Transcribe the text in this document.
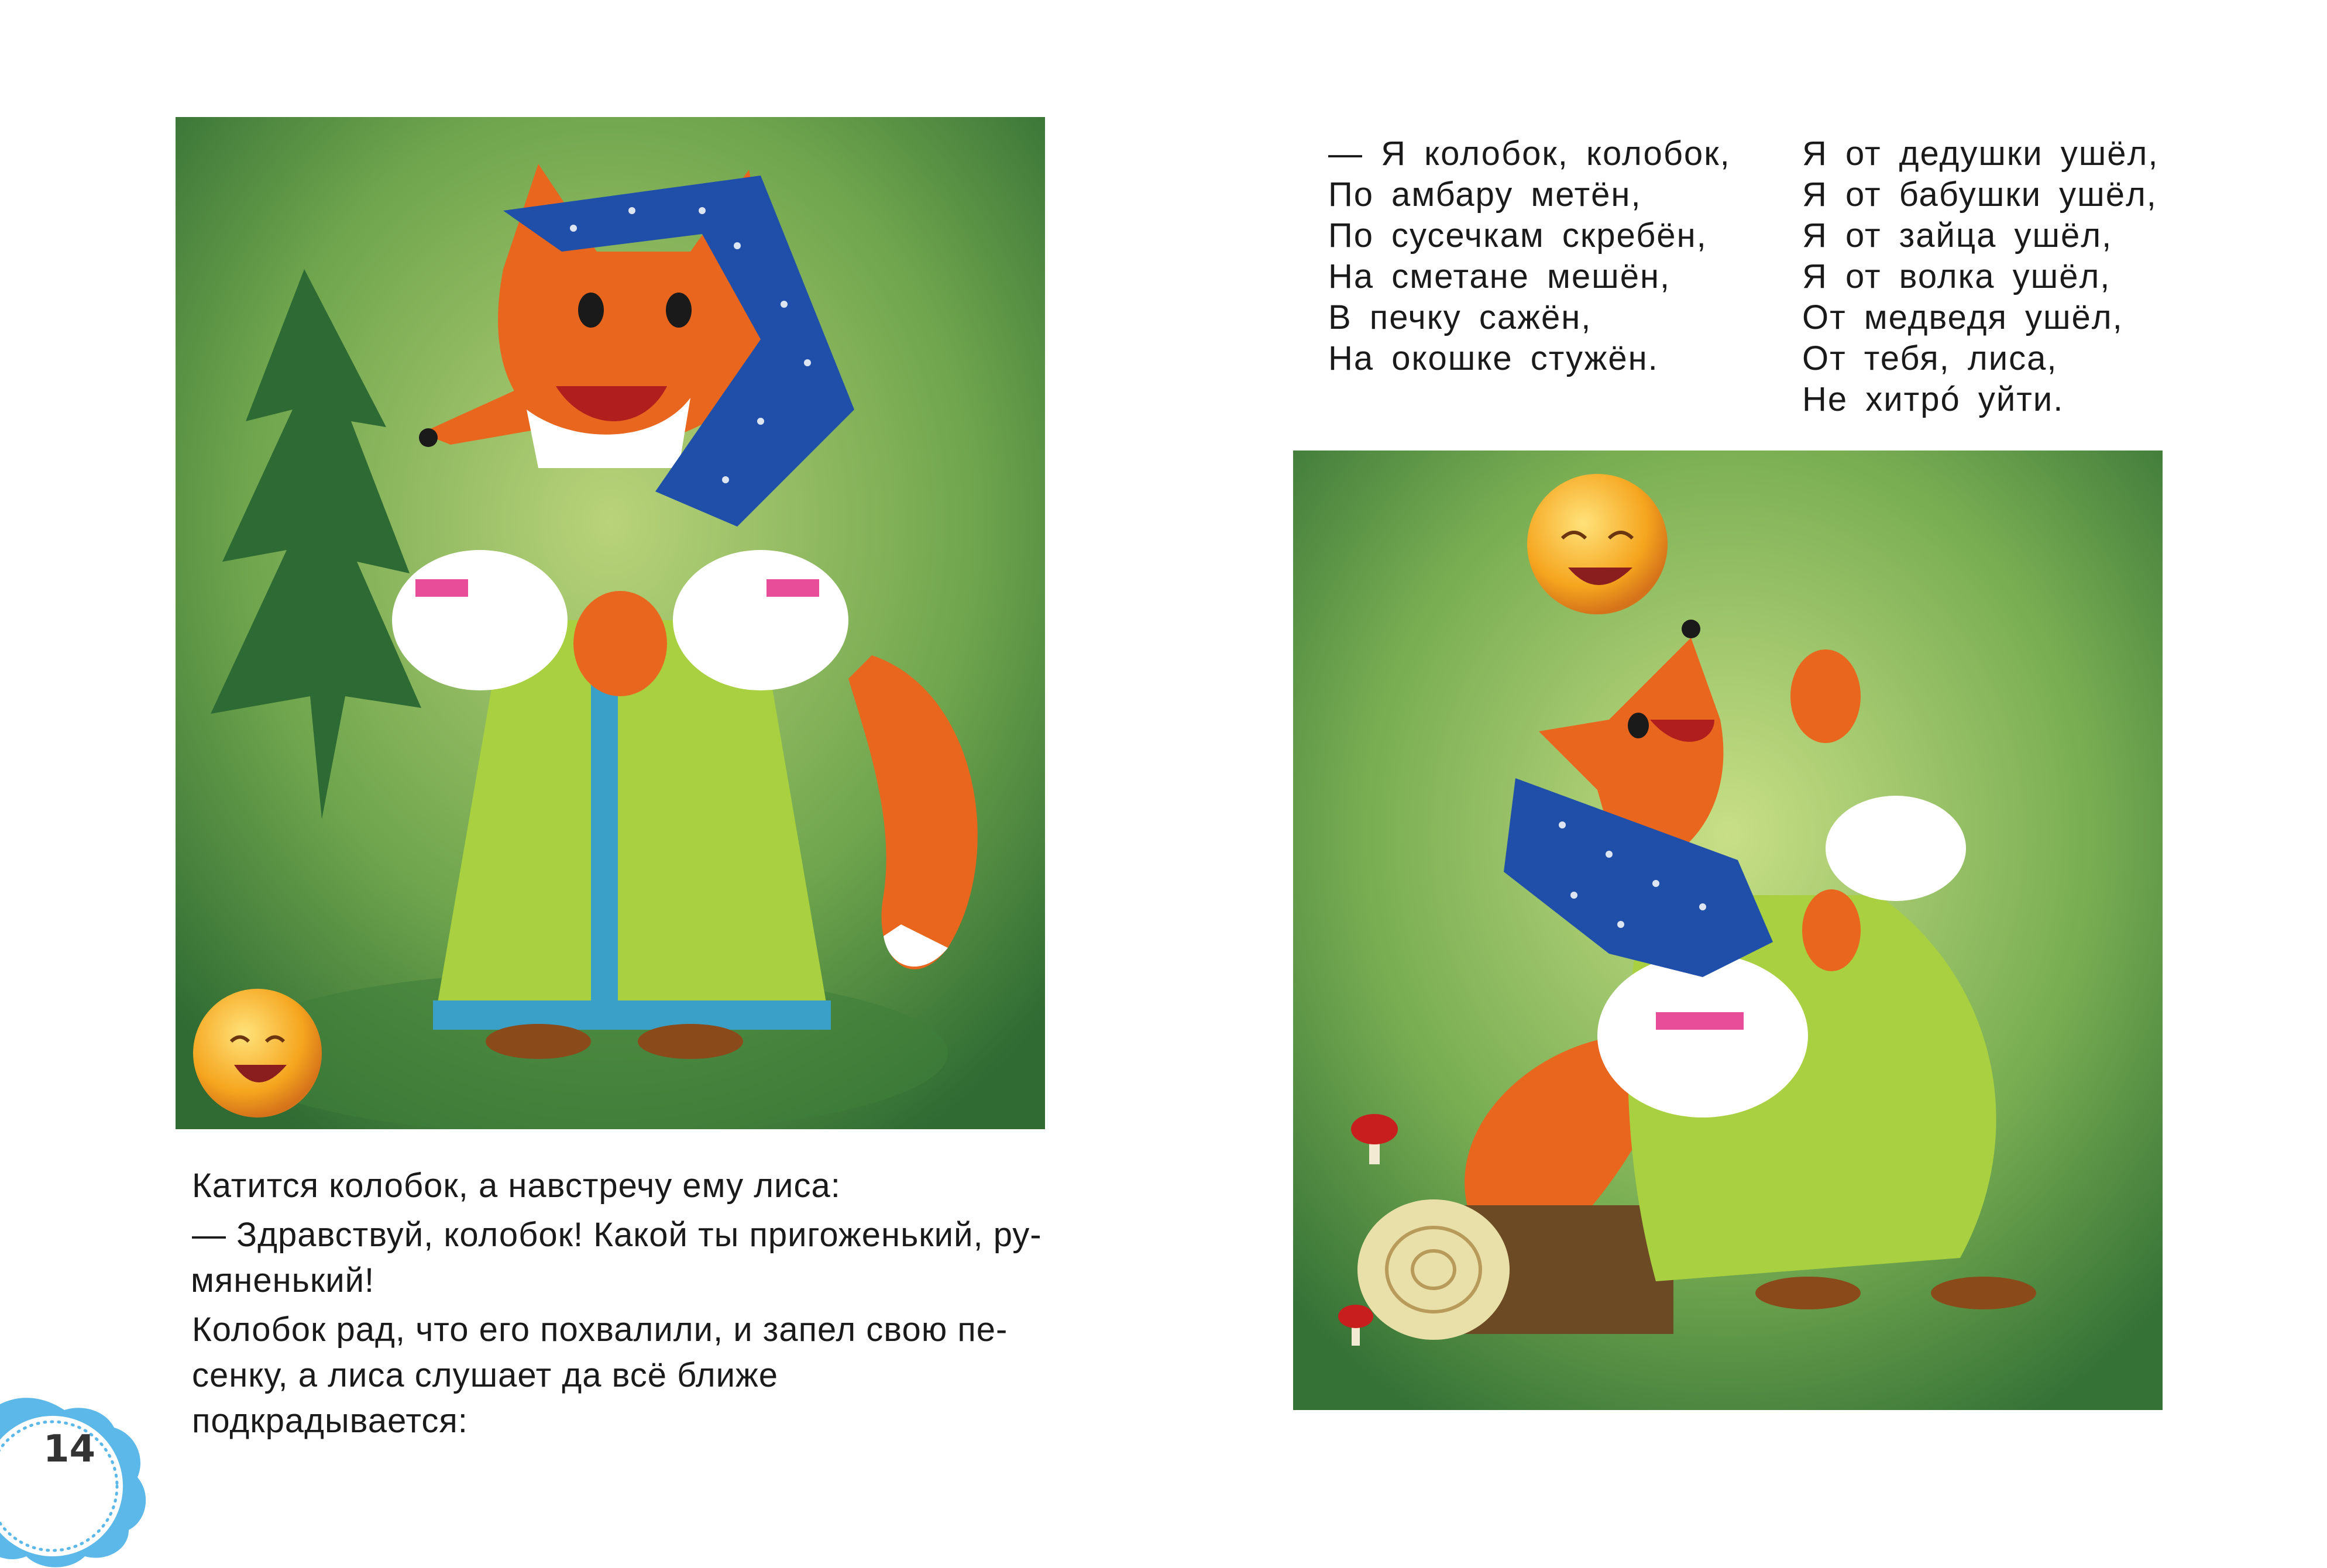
— Я колобок, колобок,
По амбару метён,
По сусечкам скребён,
На сметане мешён,
В печку сажён,
На окошке стужён.
Я от дедушки ушёл,
Я от бабушки ушёл,
Я от зайца ушёл,
Я от волка ушёл,
От медведя ушёл,
От тебя, лиса,
Не хитрó уйти.

Катится колобок, а навстречу ему лиса:

— Здравствуй, колобок! Какой ты пригоженький, ру-
мяненький!
Колобок рад, что его похвалили, и запел свою пе-
сенку, а лиса слушает да всё ближе подкрадывается:
14
